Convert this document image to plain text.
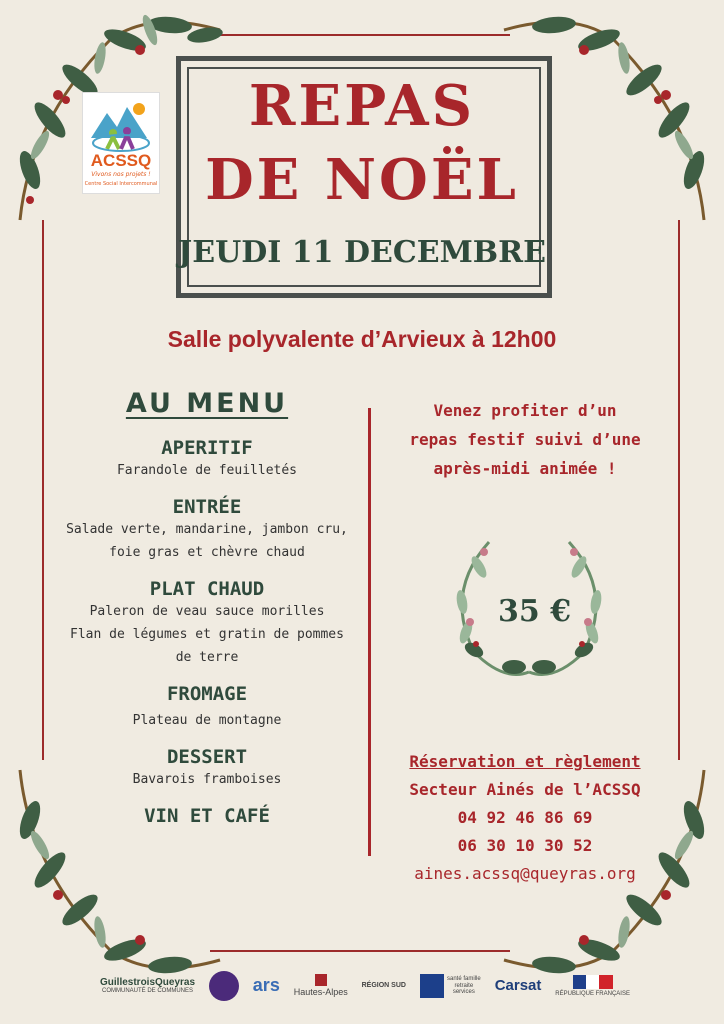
ACSSQ
Vivons nos projets !
Centre Social Intercommunal
REPAS
DE NOËL
JEUDI 11 DECEMBRE
Salle polyvalente d’Arvieux à 12h00
AU MENU
APERITIF
Farandole de feuilletés
ENTRÉE
Salade verte, mandarine, jambon cru,
foie gras et chèvre chaud
PLAT CHAUD
Paleron de veau sauce morilles
Flan de légumes et gratin de pommes
de terre
FROMAGE
Plateau de montagne
DESSERT
Bavarois framboises
VIN ET CAFÉ
Venez profiter d’un
repas festif suivi d’une
après-midi animée !
35 €
Réservation et règlement
Secteur Ainés de l’ACSSQ
04 92 46 86 69
06 30 10 30 52
aines.acssq@queyras.org
GuillestroisQueyras
COMMUNAUTÉ DE COMMUNES	ars Hautes-Alpes
RÉGION SUD
santé famille retraite services	Carsat RÉPUBLIQUE FRANÇAISE
